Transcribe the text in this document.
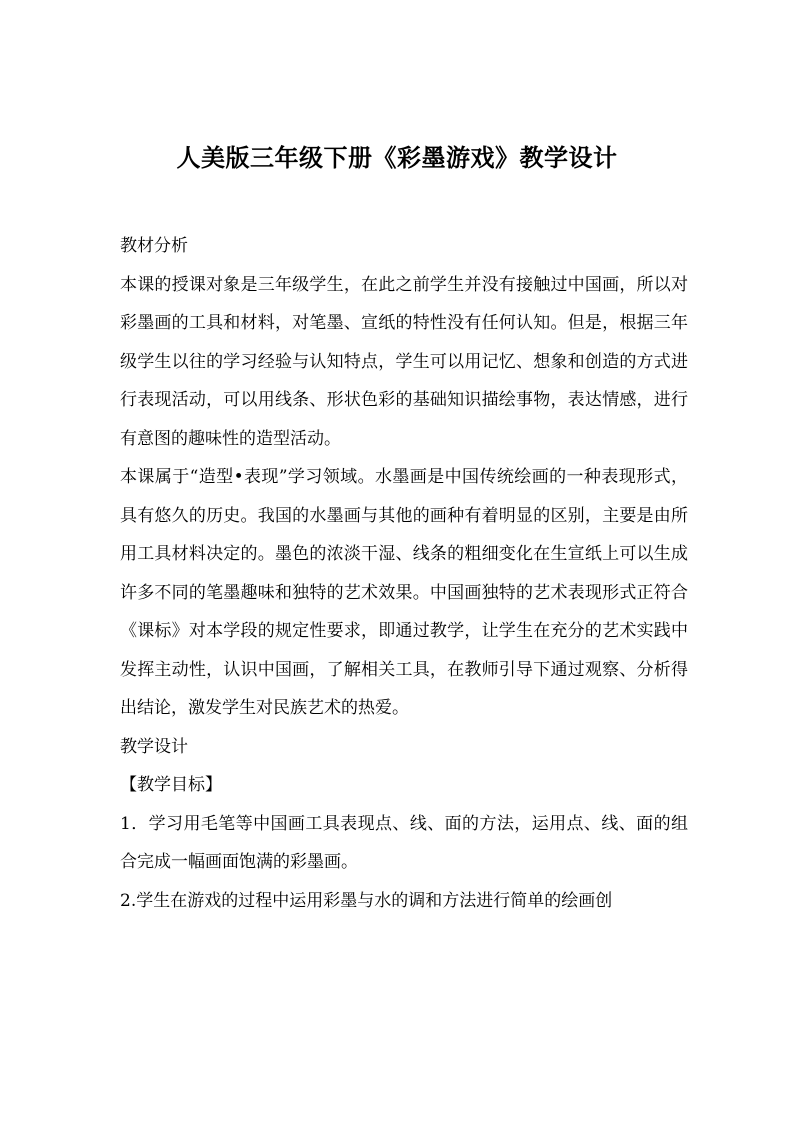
人美版三年级下册《彩墨游戏》教学设计

教材分析

本课的授课对象是三年级学生，在此之前学生并没有接触过中国画，所以对彩墨画的工具和材料，对笔墨、宣纸的特性没有任何认知。但是，根据三年级学生以往的学习经验与认知特点，学生可以用记忆、想象和创造的方式进行表现活动，可以用线条、形状色彩的基础知识描绘事物，表达情感，进行有意图的趣味性的造型活动。

本课属于“造型•表现”学习领域。水墨画是中国传统绘画的一种表现形式，具有悠久的历史。我国的水墨画与其他的画种有着明显的区别，主要是由所用工具材料决定的。墨色的浓淡干湿、线条的粗细变化在生宣纸上可以生成许多不同的笔墨趣味和独特的艺术效果。中国画独特的艺术表现形式正符合《课标》对本学段的规定性要求，即通过教学，让学生在充分的艺术实践中发挥主动性，认识中国画，了解相关工具，在教师引导下通过观察、分析得出结论，激发学生对民族艺术的热爱。

教学设计

【教学目标】

1．学习用毛笔等中国画工具表现点、线、面的方法，运用点、线、面的组合完成一幅画面饱满的彩墨画。

2.学生在游戏的过程中运用彩墨与水的调和方法进行简单的绘画创
